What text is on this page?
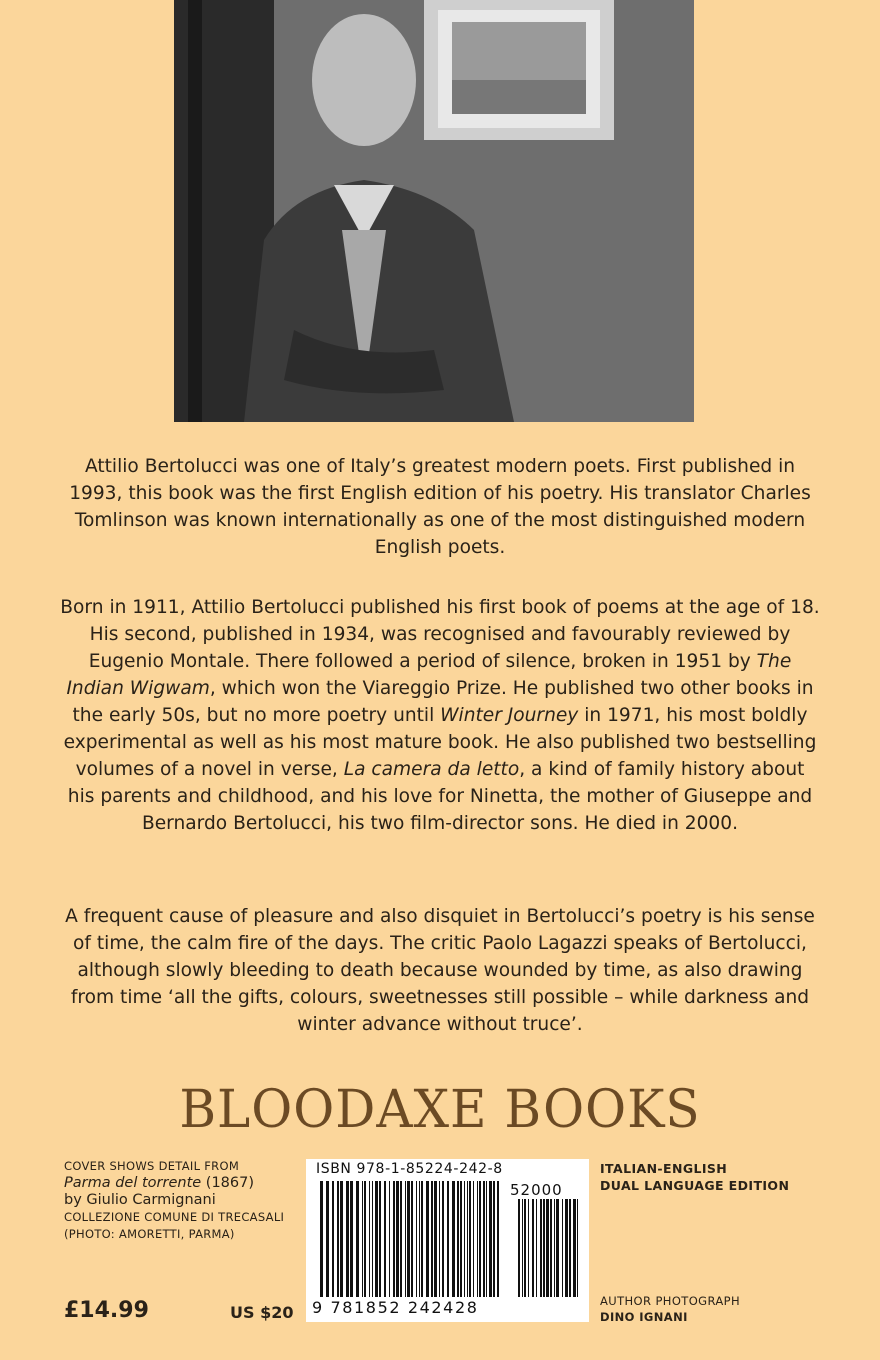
Attilio Bertolucci was one of Italy’s greatest modern poets. First published in 1993, this book was the first English edition of his poetry. His translator Charles Tomlinson was known internationally as one of the most distinguished modern English poets.

Born in 1911, Attilio Bertolucci published his first book of poems at the age of 18. His second, published in 1934, was recognised and favourably reviewed by Eugenio Montale. There followed a period of silence, broken in 1951 by The Indian Wigwam, which won the Viareggio Prize. He published two other books in the early 50s, but no more poetry until Winter Journey in 1971, his most boldly experimental as well as his most mature book. He also published two bestselling volumes of a novel in verse, La camera da letto, a kind of family history about his parents and childhood, and his love for Ninetta, the mother of Giuseppe and Bernardo Bertolucci, his two film-director sons. He died in 2000.

A frequent cause of pleasure and also disquiet in Bertolucci’s poetry is his sense of time, the calm fire of the days. The critic Paolo Lagazzi speaks of Bertolucci, although slowly bleeding to death because wounded by time, as also drawing from time ‘all the gifts, colours, sweetnesses still possible – while darkness and winter advance without truce’.

BLOODAXE BOOKS
COVER SHOWS DETAIL FROM
Parma del torrente (1867)
by Giulio Carmignani
COLLEZIONE COMUNE DI TRECASALI
(PHOTO: AMORETTI, PARMA)
£14.99	US $20
ISBN 978-1-85224-242-8
52000
9 781852 242428
ITALIAN-ENGLISH
DUAL LANGUAGE EDITION
AUTHOR PHOTOGRAPH
DINO IGNANI
